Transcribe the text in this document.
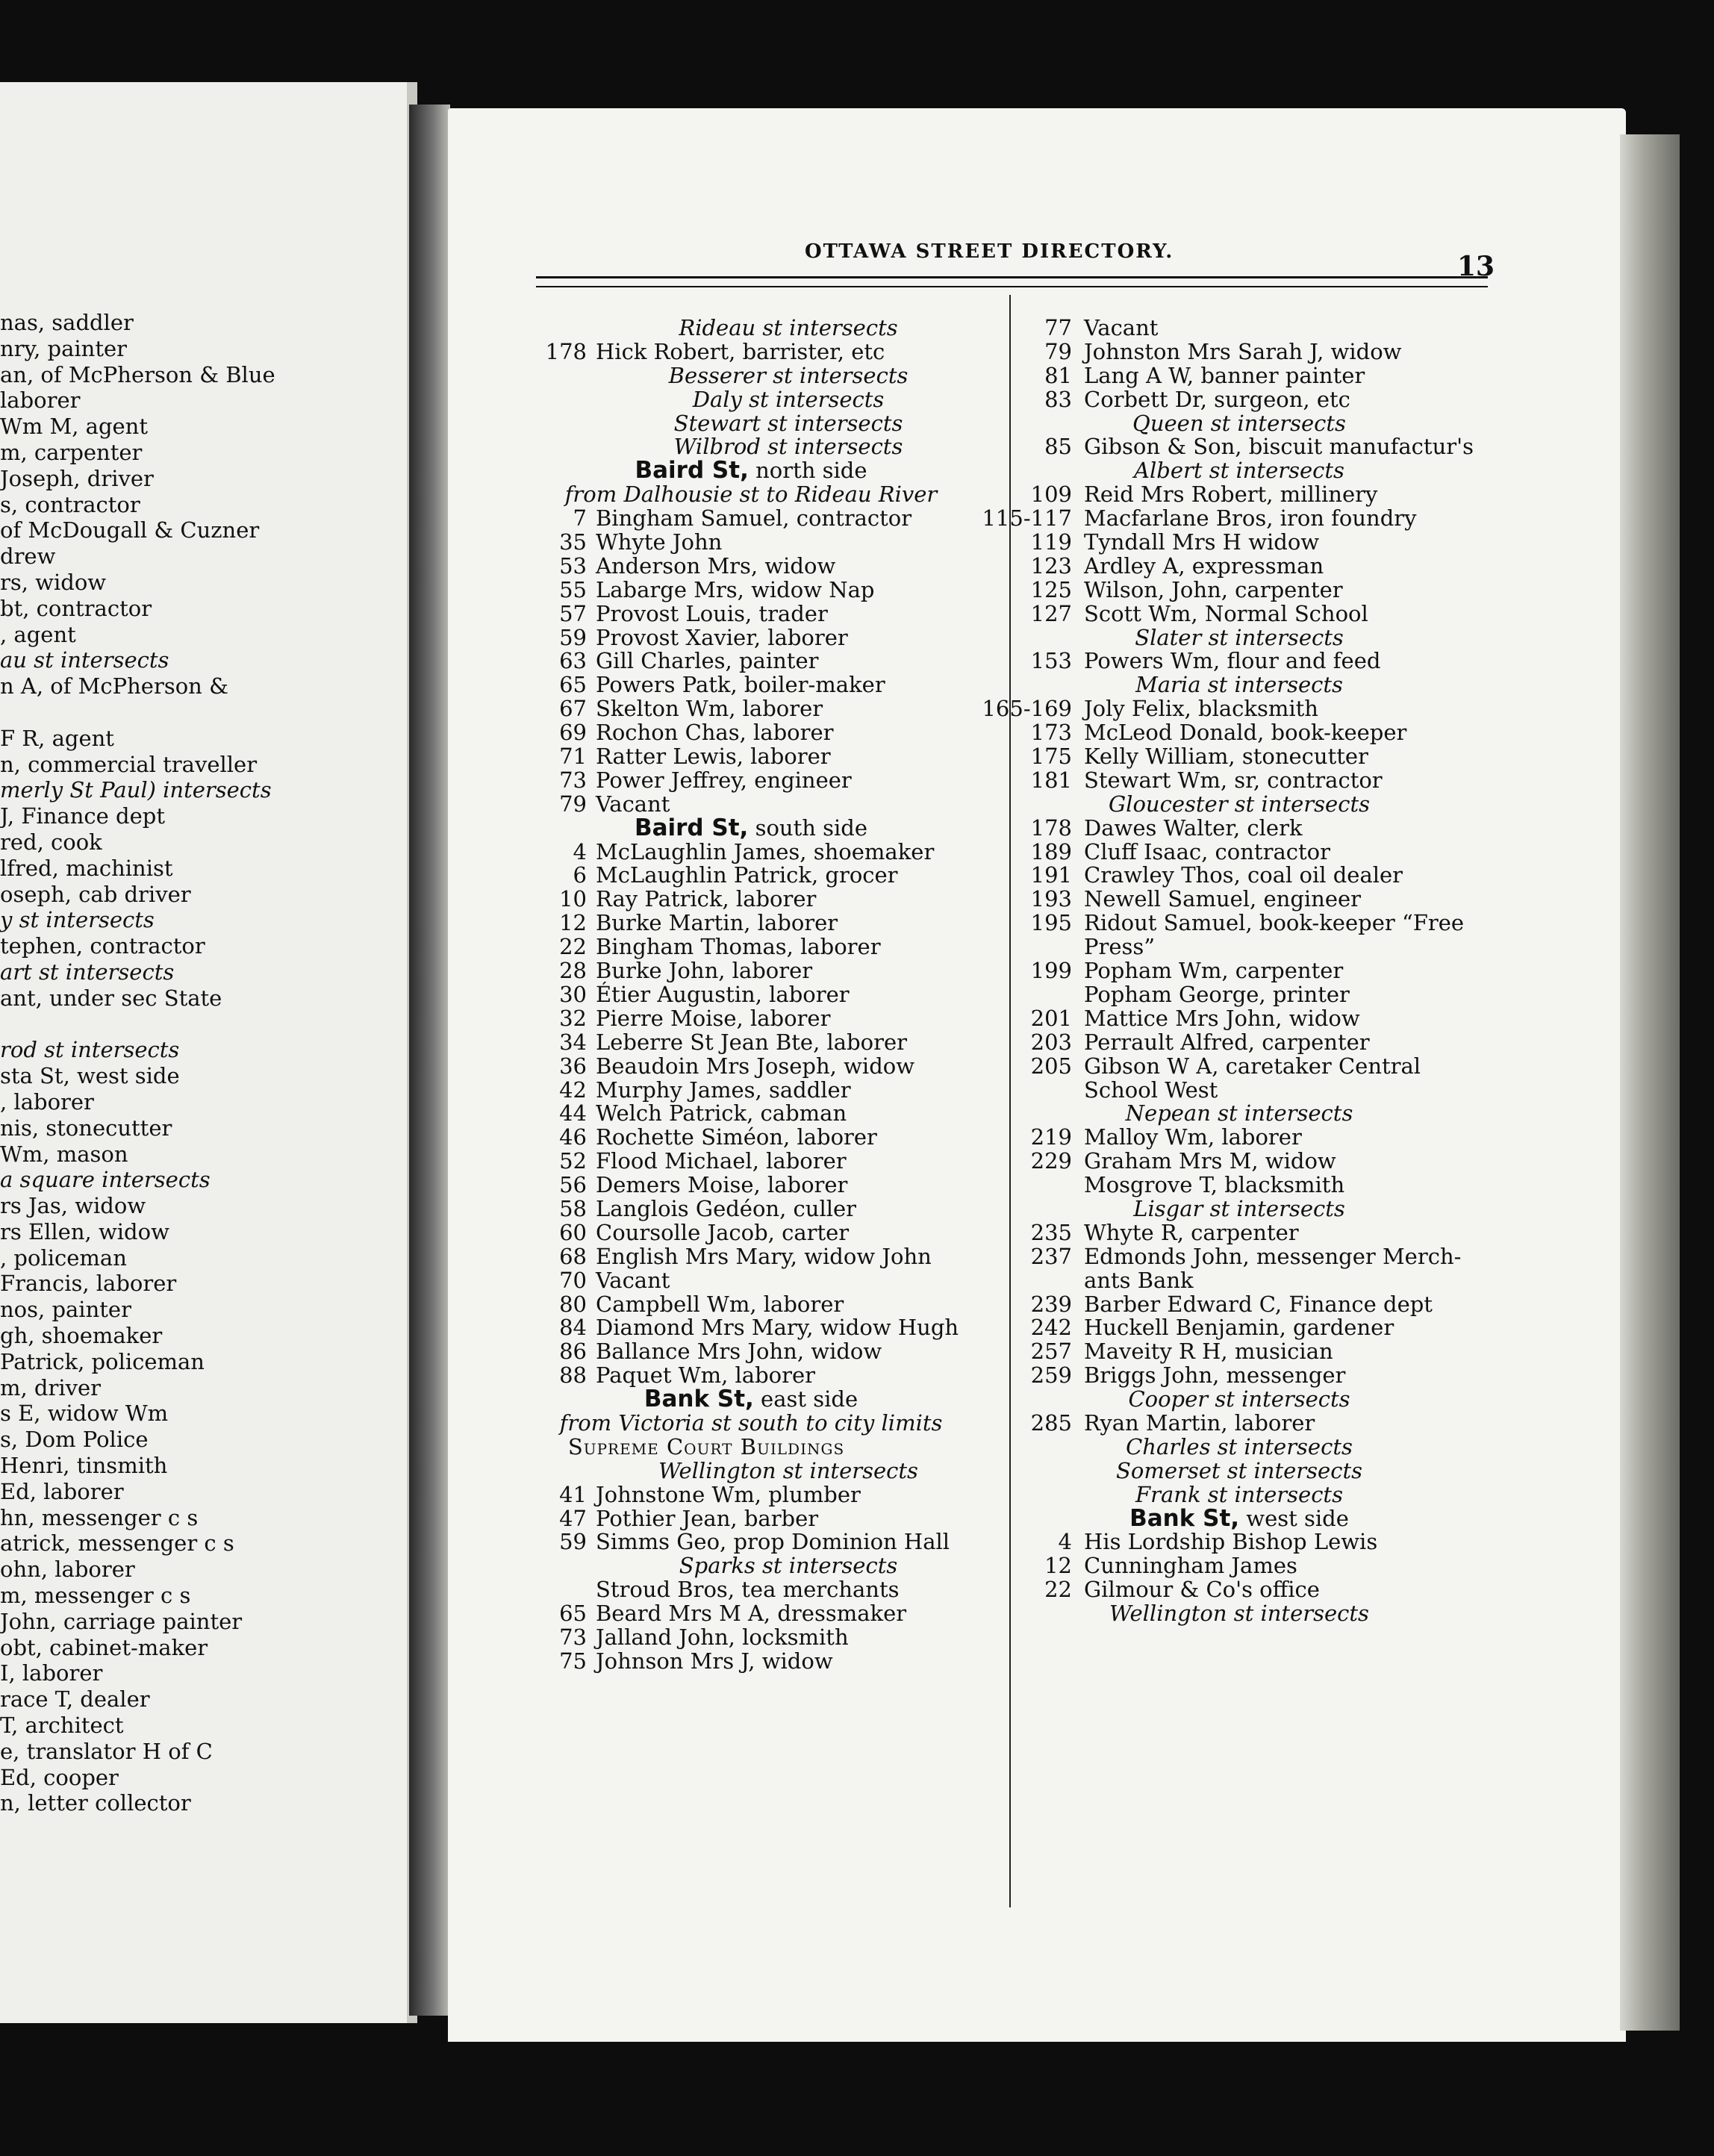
nas, saddler
nry, painter
an, of McPherson & Blue
laborer
Wm M, agent
m, carpenter
Joseph, driver
s, contractor
of McDougall & Cuzner
drew
rs, widow
bt, contractor
, agent
au st intersects
n A, of McPherson &
F R, agent
n, commercial traveller
merly St Paul) intersects
J, Finance dept
red, cook
lfred, machinist
oseph, cab driver
y st intersects
tephen, contractor
art st intersects
ant, under sec State
rod st intersects
sta St, west side
, laborer
nis, stonecutter
Wm, mason
a square intersects
rs Jas, widow
rs Ellen, widow
, policeman
Francis, laborer
nos, painter
gh, shoemaker
Patrick, policeman
m, driver
s E, widow Wm
s, Dom Police
Henri, tinsmith
Ed, laborer
hn, messenger c s
atrick, messenger c s
ohn, laborer
m, messenger c s
John, carriage painter
obt, cabinet-maker
I, laborer
race T, dealer
T, architect
e, translator H of C
Ed, cooper
n, letter collector
OTTAWA STREET DIRECTORY.	13
Rideau st intersects
178 Hick Robert, barrister, etc
Besserer st intersects
Daly st intersects
Stewart st intersects
Wilbrod st intersects
Baird St, north side
from Dalhousie st to Rideau River
7 Bingham Samuel, contractor
35 Whyte John
53 Anderson Mrs, widow
55 Labarge Mrs, widow Nap
57 Provost Louis, trader
59 Provost Xavier, laborer
63 Gill Charles, painter
65 Powers Patk, boiler-maker
67 Skelton Wm, laborer
69 Rochon Chas, laborer
71 Ratter Lewis, laborer
73 Power Jeffrey, engineer
79 Vacant
Baird St, south side
4 McLaughlin James, shoemaker
6 McLaughlin Patrick, grocer
10 Ray Patrick, laborer
12 Burke Martin, laborer
22 Bingham Thomas, laborer
28 Burke John, laborer
30 Étier Augustin, laborer
32 Pierre Moise, laborer
34 Leberre St Jean Bte, laborer
36 Beaudoin Mrs Joseph, widow
42 Murphy James, saddler
44 Welch Patrick, cabman
46 Rochette Siméon, laborer
52 Flood Michael, laborer
56 Demers Moise, laborer
58 Langlois Gedéon, culler
60 Coursolle Jacob, carter
68 English Mrs Mary, widow John
70 Vacant
80 Campbell Wm, laborer
84 Diamond Mrs Mary, widow Hugh
86 Ballance Mrs John, widow
88 Paquet Wm, laborer
Bank St, east side
from Victoria st south to city limits
Supreme Court Buildings
Wellington st intersects
41 Johnstone Wm, plumber
47 Pothier Jean, barber
59 Simms Geo, prop Dominion Hall
Sparks st intersects
Stroud Bros, tea merchants
65 Beard Mrs M A, dressmaker
73 Jalland John, locksmith
75 Johnson Mrs J, widow
77 Vacant
79 Johnston Mrs Sarah J, widow
81 Lang A W, banner painter
83 Corbett Dr, surgeon, etc
Queen st intersects
85 Gibson & Son, biscuit manufactur's
Albert st intersects
109 Reid Mrs Robert, millinery
115-117 Macfarlane Bros, iron foundry
119 Tyndall Mrs H widow
123 Ardley A, expressman
125 Wilson, John, carpenter
127 Scott Wm, Normal School
Slater st intersects
153 Powers Wm, flour and feed
Maria st intersects
165-169 Joly Felix, blacksmith
173 McLeod Donald, book-keeper
175 Kelly William, stonecutter
181 Stewart Wm, sr, contractor
Gloucester st intersects
178 Dawes Walter, clerk
189 Cluff Isaac, contractor
191 Crawley Thos, coal oil dealer
193 Newell Samuel, engineer
195 Ridout Samuel, book-keeper “Free
Press”
199 Popham Wm, carpenter
Popham George, printer
201 Mattice Mrs John, widow
203 Perrault Alfred, carpenter
205 Gibson W A, caretaker Central
School West
Nepean st intersects
219 Malloy Wm, laborer
229 Graham Mrs M, widow
Mosgrove T, blacksmith
Lisgar st intersects
235 Whyte R, carpenter
237 Edmonds John, messenger Merch-
ants Bank
239 Barber Edward C, Finance dept
242 Huckell Benjamin, gardener
257 Maveity R H, musician
259 Briggs John, messenger
Cooper st intersects
285 Ryan Martin, laborer
Charles st intersects
Somerset st intersects
Frank st intersects
Bank St, west side
4 His Lordship Bishop Lewis
12 Cunningham James
22 Gilmour & Co's office
Wellington st intersects
